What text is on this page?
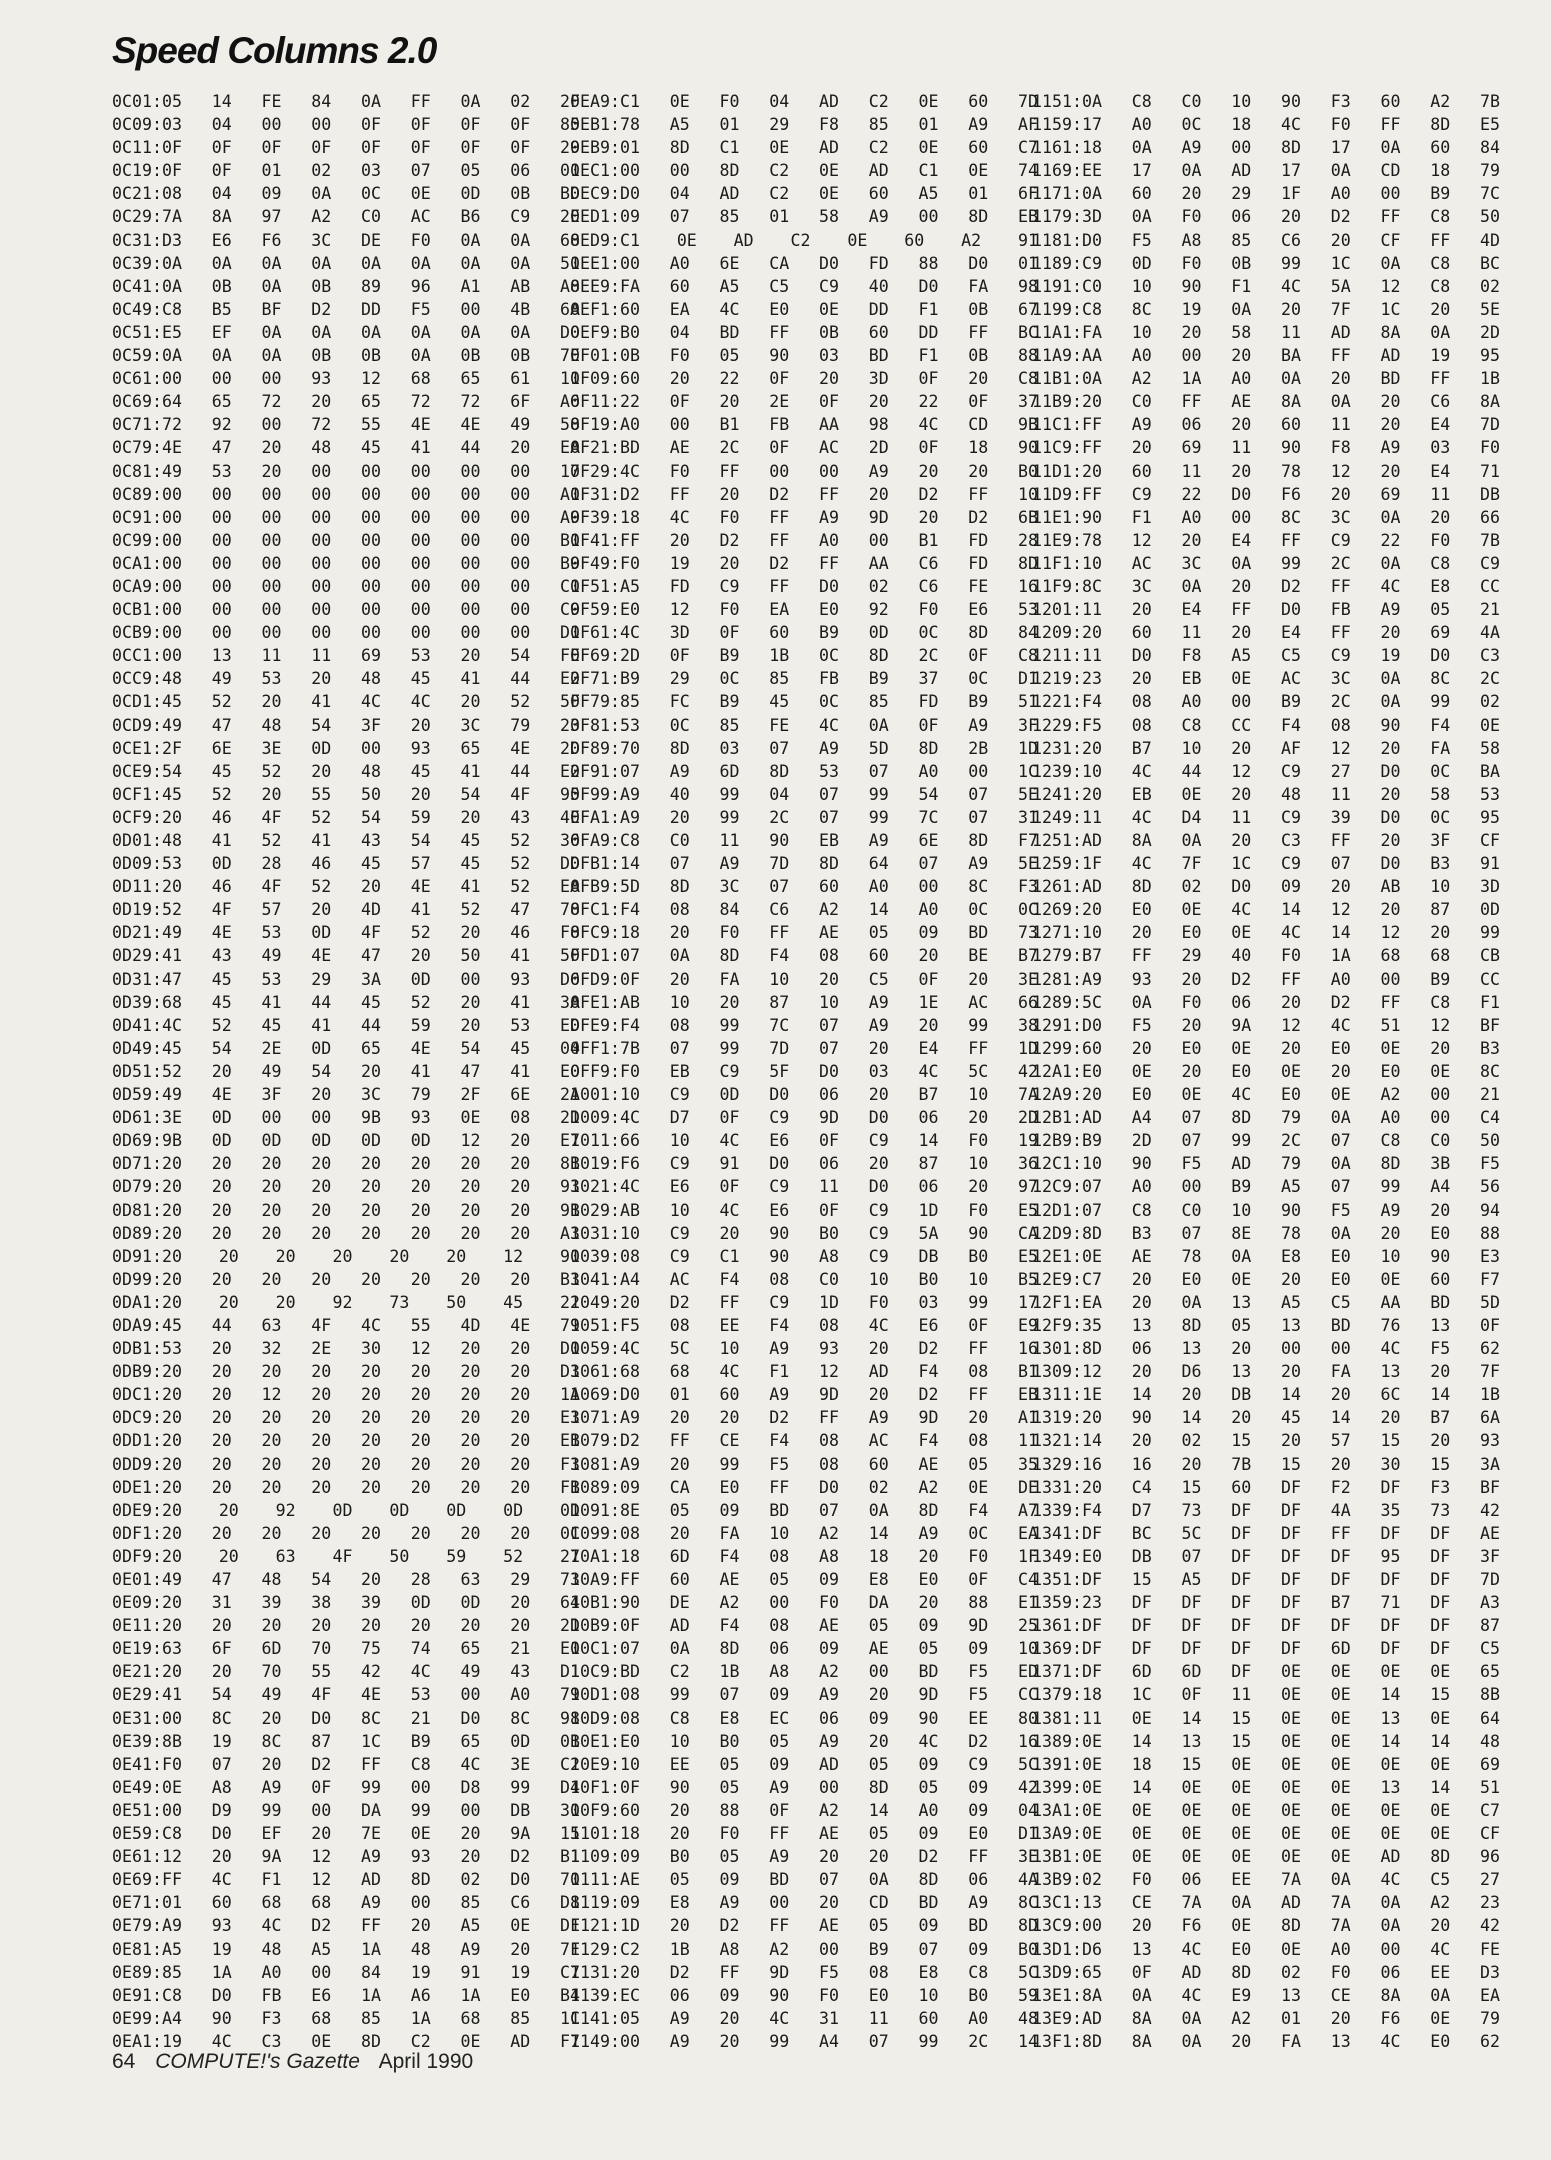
Speed Columns 2.0
0C01:05 14 FE 84 0A FF 0A 02 2F
0C09:03 04 00 00 0F 0F 0F 0F 85
0C11:0F 0F 0F 0F 0F 0F 0F 0F 29
0C19:0F 0F 01 02 03 07 05 06 01
0C21:08 04 09 0A 0C 0E 0D 0B BD
0C29:7A 8A 97 A2 C0 AC B6 C9 2E
0C31:D3 E6 F6 3C DE F0 0A 0A 68
0C39:0A 0A 0A 0A 0A 0A 0A 0A 51
0C41:0A 0B 0A 0B 89 96 A1 AB A8
0C49:C8 B5 BF D2 DD F5 00 4B 6A
0C51:E5 EF 0A 0A 0A 0A 0A 0A D0
0C59:0A 0A 0A 0B 0B 0A 0B 0B 7E
0C61:00 00 00 93 12 68 65 61 11
0C69:64 65 72 20 65 72 72 6F A6
0C71:72 92 00 72 55 4E 4E 49 58
0C79:4E 47 20 48 45 41 44 20 EA
0C81:49 53 20 00 00 00 00 00 17
0C89:00 00 00 00 00 00 00 00 A1
0C91:00 00 00 00 00 00 00 00 A9
0C99:00 00 00 00 00 00 00 00 B1
0CA1:00 00 00 00 00 00 00 00 B9
0CA9:00 00 00 00 00 00 00 00 C1
0CB1:00 00 00 00 00 00 00 00 C9
0CB9:00 00 00 00 00 00 00 00 D1
0CC1:00 13 11 11 69 53 20 54 FE
0CC9:48 49 53 20 48 45 41 44 E2
0CD1:45 52 20 41 4C 4C 20 52 5F
0CD9:49 47 48 54 3F 20 3C 79 23
0CE1:2F 6E 3E 0D 00 93 65 4E 2D
0CE9:54 45 52 20 48 45 41 44 E2
0CF1:45 52 20 55 50 20 54 4F 95
0CF9:20 46 4F 52 54 59 20 43 4E
0D01:48 41 52 41 43 54 45 52 36
0D09:53 0D 28 46 45 57 45 52 DD
0D11:20 46 4F 52 20 4E 41 52 EA
0D19:52 4F 57 20 4D 41 52 47 78
0D21:49 4E 53 0D 4F 52 20 46 F8
0D29:41 43 49 4E 47 20 50 41 5F
0D31:47 45 53 29 3A 0D 00 93 D6
0D39:68 45 41 44 45 52 20 41 3A
0D41:4C 52 45 41 44 59 20 53 ED
0D49:45 54 2E 0D 65 4E 54 45 04
0D51:52 20 49 54 20 41 47 41 E0
0D59:49 4E 3F 20 3C 79 2F 6E 2A
0D61:3E 0D 00 00 9B 93 0E 08 2D
0D69:9B 0D 0D 0D 0D 0D 12 20 E7
0D71:20 20 20 20 20 20 20 20 8B
0D79:20 20 20 20 20 20 20 20 93
0D81:20 20 20 20 20 20 20 20 9B
0D89:20 20 20 20 20 20 20 20 A3
0D91:20 20 20 20 20 20 12 90
0D99:20 20 20 20 20 20 20 20 B3
0DA1:20 20 20 92 73 50 45 22
0DA9:45 44 63 4F 4C 55 4D 4E 79
0DB1:53 20 32 2E 30 12 20 20 D0
0DB9:20 20 20 20 20 20 20 20 D3
0DC1:20 20 12 20 20 20 20 20 1A
0DC9:20 20 20 20 20 20 20 20 E3
0DD1:20 20 20 20 20 20 20 20 EB
0DD9:20 20 20 20 20 20 20 20 F3
0DE1:20 20 20 20 20 20 20 20 FB
0DE9:20 20 92 0D 0D 0D 0D 0D
0DF1:20 20 20 20 20 20 20 20 0C
0DF9:20 20 63 4F 50 59 52 27
0E01:49 47 48 54 20 28 63 29 73
0E09:20 31 39 38 39 0D 0D 20 64
0E11:20 20 20 20 20 20 20 20 2D
0E19:63 6F 6D 70 75 74 65 21 E0
0E21:20 20 70 55 42 4C 49 43 D1
0E29:41 54 49 4F 4E 53 00 A0 79
0E31:00 8C 20 D0 8C 21 D0 8C 98
0E39:8B 19 8C 87 1C B9 65 0D 0B
0E41:F0 07 20 D2 FF C8 4C 3E C2
0E49:0E A8 A9 0F 99 00 D8 99 D4
0E51:00 D9 99 00 DA 99 00 DB 30
0E59:C8 D0 EF 20 7E 0E 20 9A 15
0E61:12 20 9A 12 A9 93 20 D2 B1
0E69:FF 4C F1 12 AD 8D 02 D0 70
0E71:01 60 68 68 A9 00 85 C6 D8
0E79:A9 93 4C D2 FF 20 A5 0E DF
0E81:A5 19 48 A5 1A 48 A9 20 7F
0E89:85 1A A0 00 84 19 91 19 C7
0E91:C8 D0 FB E6 1A A6 1A E0 B4
0E99:A4 90 F3 68 85 1A 68 85 1C
0EA1:19 4C C3 0E 8D C2 0E AD F7
0EA9:C1 0E F0 04 AD C2 0E 60 7D
0EB1:78 A5 01 29 F8 85 01 A9 AF
0EB9:01 8D C1 0E AD C2 0E 60 C7
0EC1:00 00 8D C2 0E AD C1 0E 74
0EC9:D0 04 AD C2 0E 60 A5 01 6F
0ED1:09 07 85 01 58 A9 00 8D EB
0ED9:C1 0E AD C2 0E 60 A2 91
0EE1:00 A0 6E CA D0 FD 88 D0 01
0EE9:FA 60 A5 C5 C9 40 D0 FA 98
0EF1:60 EA 4C E0 0E DD F1 0B 67
0EF9:B0 04 BD FF 0B 60 DD FF BC
0F01:0B F0 05 90 03 BD F1 0B 88
0F09:60 20 22 0F 20 3D 0F 20 C8
0F11:22 0F 20 2E 0F 20 22 0F 37
0F19:A0 00 B1 FB AA 98 4C CD 9B
0F21:BD AE 2C 0F AC 2D 0F 18 90
0F29:4C F0 FF 00 00 A9 20 20 B0
0F31:D2 FF 20 D2 FF 20 D2 FF 10
0F39:18 4C F0 FF A9 9D 20 D2 6B
0F41:FF 20 D2 FF A0 00 B1 FD 28
0F49:F0 19 20 D2 FF AA C6 FD 8D
0F51:A5 FD C9 FF D0 02 C6 FE 16
0F59:E0 12 F0 EA E0 92 F0 E6 53
0F61:4C 3D 0F 60 B9 0D 0C 8D 84
0F69:2D 0F B9 1B 0C 8D 2C 0F C8
0F71:B9 29 0C 85 FB B9 37 0C D1
0F79:85 FC B9 45 0C 85 FD B9 51
0F81:53 0C 85 FE 4C 0A 0F A9 3F
0F89:70 8D 03 07 A9 5D 8D 2B 1D
0F91:07 A9 6D 8D 53 07 A0 00 1C
0F99:A9 40 99 04 07 99 54 07 5E
0FA1:A9 20 99 2C 07 99 7C 07 31
0FA9:C8 C0 11 90 EB A9 6E 8D F7
0FB1:14 07 A9 7D 8D 64 07 A9 5E
0FB9:5D 8D 3C 07 60 A0 00 8C F3
0FC1:F4 08 84 C6 A2 14 A0 0C 0C
0FC9:18 20 F0 FF AE 05 09 BD 73
0FD1:07 0A 8D F4 08 60 20 BE B7
0FD9:0F 20 FA 10 20 C5 0F 20 3E
0FE1:AB 10 20 87 10 A9 1E AC 66
0FE9:F4 08 99 7C 07 A9 20 99 38
0FF1:7B 07 99 7D 07 20 E4 FF 1D
0FF9:F0 EB C9 5F D0 03 4C 5C 42
1001:10 C9 0D D0 06 20 B7 10 7A
1009:4C D7 0F C9 9D D0 06 20 2D
1011:66 10 4C E6 0F C9 14 F0 19
1019:F6 C9 91 D0 06 20 87 10 36
1021:4C E6 0F C9 11 D0 06 20 97
1029:AB 10 4C E6 0F C9 1D F0 E5
1031:10 C9 20 90 B0 C9 5A 90 CA
1039:08 C9 C1 90 A8 C9 DB B0 E5
1041:A4 AC F4 08 C0 10 B0 10 B5
1049:20 D2 FF C9 1D F0 03 99 17
1051:F5 08 EE F4 08 4C E6 0F E9
1059:4C 5C 10 A9 93 20 D2 FF 16
1061:68 68 4C F1 12 AD F4 08 B1
1069:D0 01 60 A9 9D 20 D2 FF EB
1071:A9 20 20 D2 FF A9 9D 20 A1
1079:D2 FF CE F4 08 AC F4 08 11
1081:A9 20 99 F5 08 60 AE 05 35
1089:09 CA E0 FF D0 02 A2 0E DE
1091:8E 05 09 BD 07 0A 8D F4 A7
1099:08 20 FA 10 A2 14 A9 0C EA
10A1:18 6D F4 08 A8 18 20 F0 1F
10A9:FF 60 AE 05 09 E8 E0 0F C4
10B1:90 DE A2 00 F0 DA 20 88 E1
10B9:0F AD F4 08 AE 05 09 9D 25
10C1:07 0A 8D 06 09 AE 05 09 10
10C9:BD C2 1B A8 A2 00 BD F5 ED
10D1:08 99 07 09 A9 20 9D F5 CC
10D9:08 C8 E8 EC 06 09 90 EE 80
10E1:E0 10 B0 05 A9 20 4C D2 16
10E9:10 EE 05 09 AD 05 09 C9 5C
10F1:0F 90 05 A9 00 8D 05 09 42
10F9:60 20 88 0F A2 14 A0 09 04
1101:18 20 F0 FF AE 05 09 E0 D1
1109:09 B0 05 A9 20 20 D2 FF 3E
1111:AE 05 09 BD 07 0A 8D 06 4A
1119:09 E8 A9 00 20 CD BD A9 8C
1121:1D 20 D2 FF AE 05 09 BD 8D
1129:C2 1B A8 A2 00 B9 07 09 B0
1131:20 D2 FF 9D F5 08 E8 C8 5C
1139:EC 06 09 90 F0 E0 10 B0 59
1141:05 A9 20 4C 31 11 60 A0 48
1149:00 A9 20 99 A4 07 99 2C 14
1151:0A C8 C0 10 90 F3 60 A2 7B
1159:17 A0 0C 18 4C F0 FF 8D E5
1161:18 0A A9 00 8D 17 0A 60 84
1169:EE 17 0A AD 17 0A CD 18 79
1171:0A 60 20 29 1F A0 00 B9 7C
1179:3D 0A F0 06 20 D2 FF C8 50
1181:D0 F5 A8 85 C6 20 CF FF 4D
1189:C9 0D F0 0B 99 1C 0A C8 BC
1191:C0 10 90 F1 4C 5A 12 C8 02
1199:C8 8C 19 0A 20 7F 1C 20 5E
11A1:FA 10 20 58 11 AD 8A 0A 2D
11A9:AA A0 00 20 BA FF AD 19 95
11B1:0A A2 1A A0 0A 20 BD FF 1B
11B9:20 C0 FF AE 8A 0A 20 C6 8A
11C1:FF A9 06 20 60 11 20 E4 7D
11C9:FF 20 69 11 90 F8 A9 03 F0
11D1:20 60 11 20 78 12 20 E4 71
11D9:FF C9 22 D0 F6 20 69 11 DB
11E1:90 F1 A0 00 8C 3C 0A 20 66
11E9:78 12 20 E4 FF C9 22 F0 7B
11F1:10 AC 3C 0A 99 2C 0A C8 C9
11F9:8C 3C 0A 20 D2 FF 4C E8 CC
1201:11 20 E4 FF D0 FB A9 05 21
1209:20 60 11 20 E4 FF 20 69 4A
1211:11 D0 F8 A5 C5 C9 19 D0 C3
1219:23 20 EB 0E AC 3C 0A 8C 2C
1221:F4 08 A0 00 B9 2C 0A 99 02
1229:F5 08 C8 CC F4 08 90 F4 0E
1231:20 B7 10 20 AF 12 20 FA 58
1239:10 4C 44 12 C9 27 D0 0C BA
1241:20 EB 0E 20 48 11 20 58 53
1249:11 4C D4 11 C9 39 D0 0C 95
1251:AD 8A 0A 20 C3 FF 20 3F CF
1259:1F 4C 7F 1C C9 07 D0 B3 91
1261:AD 8D 02 D0 09 20 AB 10 3D
1269:20 E0 0E 4C 14 12 20 87 0D
1271:10 20 E0 0E 4C 14 12 20 99
1279:B7 FF 29 40 F0 1A 68 68 CB
1281:A9 93 20 D2 FF A0 00 B9 CC
1289:5C 0A F0 06 20 D2 FF C8 F1
1291:D0 F5 20 9A 12 4C 51 12 BF
1299:60 20 E0 0E 20 E0 0E 20 B3
12A1:E0 0E 20 E0 0E 20 E0 0E 8C
12A9:20 E0 0E 4C E0 0E A2 00 21
12B1:AD A4 07 8D 79 0A A0 00 C4
12B9:B9 2D 07 99 2C 07 C8 C0 50
12C1:10 90 F5 AD 79 0A 8D 3B F5
12C9:07 A0 00 B9 A5 07 99 A4 56
12D1:07 C8 C0 10 90 F5 A9 20 94
12D9:8D B3 07 8E 78 0A 20 E0 88
12E1:0E AE 78 0A E8 E0 10 90 E3
12E9:C7 20 E0 0E 20 E0 0E 60 F7
12F1:EA 20 0A 13 A5 C5 AA BD 5D
12F9:35 13 8D 05 13 BD 76 13 0F
1301:8D 06 13 20 00 00 4C F5 62
1309:12 20 D6 13 20 FA 13 20 7F
1311:1E 14 20 DB 14 20 6C 14 1B
1319:20 90 14 20 45 14 20 B7 6A
1321:14 20 02 15 20 57 15 20 93
1329:16 16 20 7B 15 20 30 15 3A
1331:20 C4 15 60 DF F2 DF F3 BF
1339:F4 D7 73 DF DF 4A 35 73 42
1341:DF BC 5C DF DF FF DF DF AE
1349:E0 DB 07 DF DF DF 95 DF 3F
1351:DF 15 A5 DF DF DF DF DF 7D
1359:23 DF DF DF DF B7 71 DF A3
1361:DF DF DF DF DF DF DF DF 87
1369:DF DF DF DF DF 6D DF DF C5
1371:DF 6D 6D DF 0E 0E 0E 0E 65
1379:18 1C 0F 11 0E 0E 14 15 8B
1381:11 0E 14 15 0E 0E 13 0E 64
1389:0E 14 13 15 0E 0E 14 14 48
1391:0E 18 15 0E 0E 0E 0E 0E 69
1399:0E 14 0E 0E 0E 0E 13 14 51
13A1:0E 0E 0E 0E 0E 0E 0E 0E C7
13A9:0E 0E 0E 0E 0E 0E 0E 0E CF
13B1:0E 0E 0E 0E 0E 0E AD 8D 96
13B9:02 F0 06 EE 7A 0A 4C C5 27
13C1:13 CE 7A 0A AD 7A 0A A2 23
13C9:00 20 F6 0E 8D 7A 0A 20 42
13D1:D6 13 4C E0 0E A0 00 4C FE
13D9:65 0F AD 8D 02 F0 06 EE D3
13E1:8A 0A 4C E9 13 CE 8A 0A EA
13E9:AD 8A 0A A2 01 20 F6 0E 79
13F1:8D 8A 0A 20 FA 13 4C E0 62
64 COMPUTE!'s Gazette April 1990
